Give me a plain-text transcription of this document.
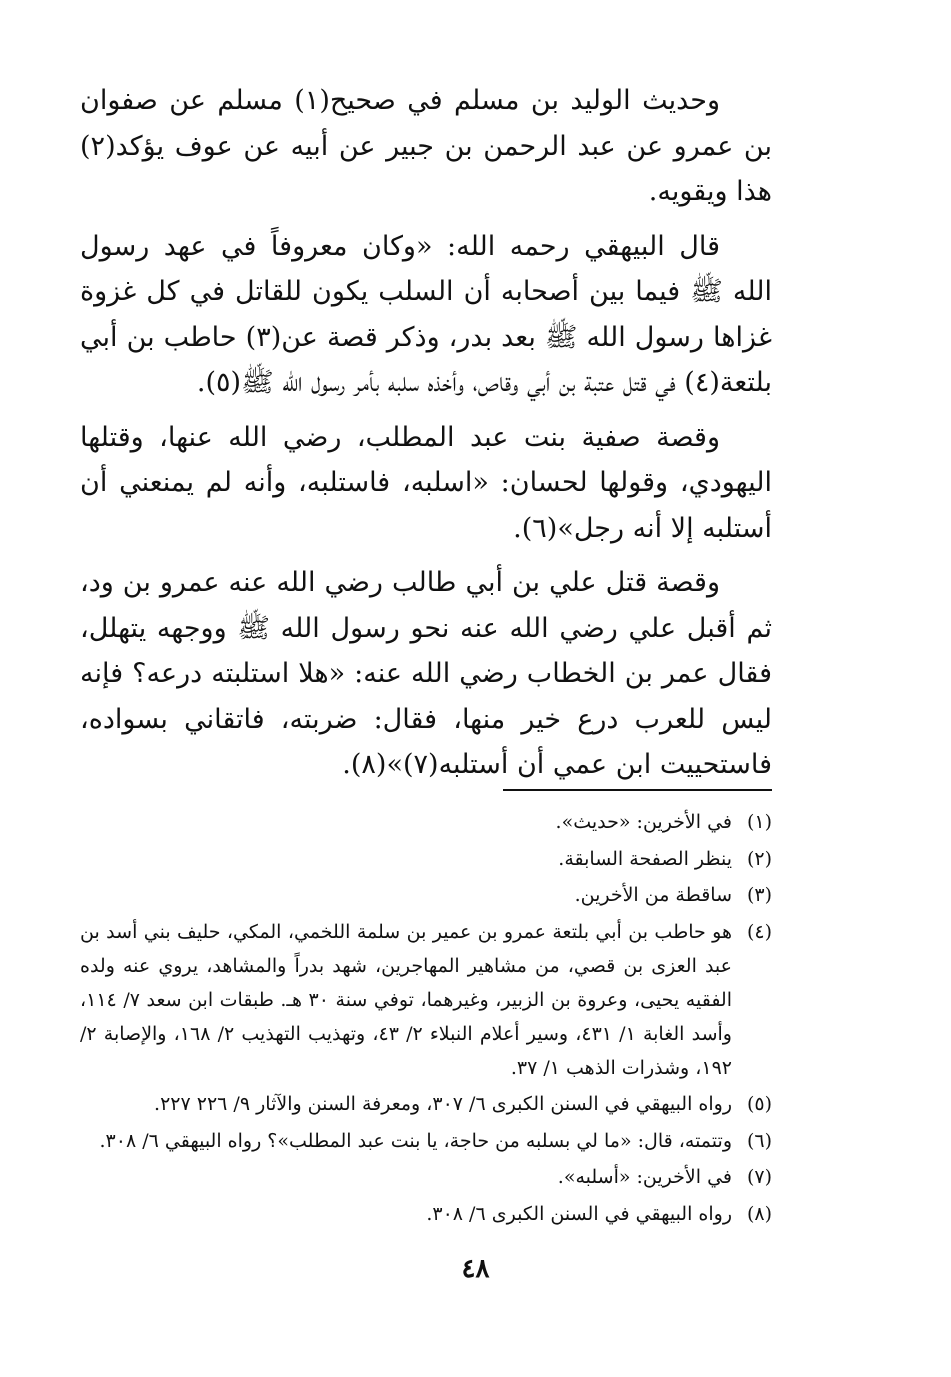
وحديث الوليد بن مسلم في صحيح(١) مسلم عن صفوان بن عمرو عن عبد الرحمن بن جبير عن أبيه عن عوف يؤكد(٢) هذا ويقويه.

قال البيهقي رحمه الله: «وكان معروفاً في عهد رسول الله ﷺ فيما بين أصحابه أن السلب يكون للقاتل في كل غزوة غزاها رسول الله ﷺ بعد بدر، وذكر قصة عن(٣) حاطب بن أبي بلتعة(٤) في قتل عتبة بن أبي وقاص، وأخذه سلبه بأمر رسول الله ﷺ(٥).

وقصة صفية بنت عبد المطلب، رضي الله عنها، وقتلها اليهودي، وقولها لحسان: «اسلبه، فاستلبه، وأنه لم يمنعني أن أستلبه إلا أنه رجل»(٦).

وقصة قتل علي بن أبي طالب رضي الله عنه عمرو بن ود، ثم أقبل علي رضي الله عنه نحو رسول الله ﷺ ووجهه يتهلل، فقال عمر بن الخطاب رضي الله عنه: «هلا استلبته درعه؟ فإنه ليس للعرب درع خير منها، فقال: ضربته، فاتقاني بسواده، فاستحييت ابن عمي أن أستلبه(٧)»(٨).

(١)
في الأخرين: «حديث».
(٢)
ينظر الصفحة السابقة.
(٣)
ساقطة من الأخرين.
(٤)
هو حاطب بن أبي بلتعة عمرو بن عمير بن سلمة اللخمي، المكي، حليف بني أسد بن عبد العزى بن قصي، من مشاهير المهاجرين، شهد بدراً والمشاهد، يروي عنه ولده الفقيه يحيى، وعروة بن الزبير، وغيرهما، توفي سنة ٣٠ هـ. طبقات ابن سعد ٧/ ١١٤، وأسد الغابة ١/ ٤٣١، وسير أعلام النبلاء ٢/ ٤٣، وتهذيب التهذيب ٢/ ١٦٨، والإصابة ٢/ ١٩٢، وشذرات الذهب ١/ ٣٧.
(٥)
رواه البيهقي في السنن الكبرى ٦/ ٣٠٧، ومعرفة السنن والآثار ٩/ ٢٢٦ ٢٢٧.
(٦)
وتتمته، قال: «ما لي بسلبه من حاجة، يا بنت عبد المطلب»؟ رواه البيهقي ٦/ ٣٠٨.
(٧)
في الأخرين: «أسلبه».
(٨)
رواه البيهقي في السنن الكبرى ٦/ ٣٠٨.
٤٨
